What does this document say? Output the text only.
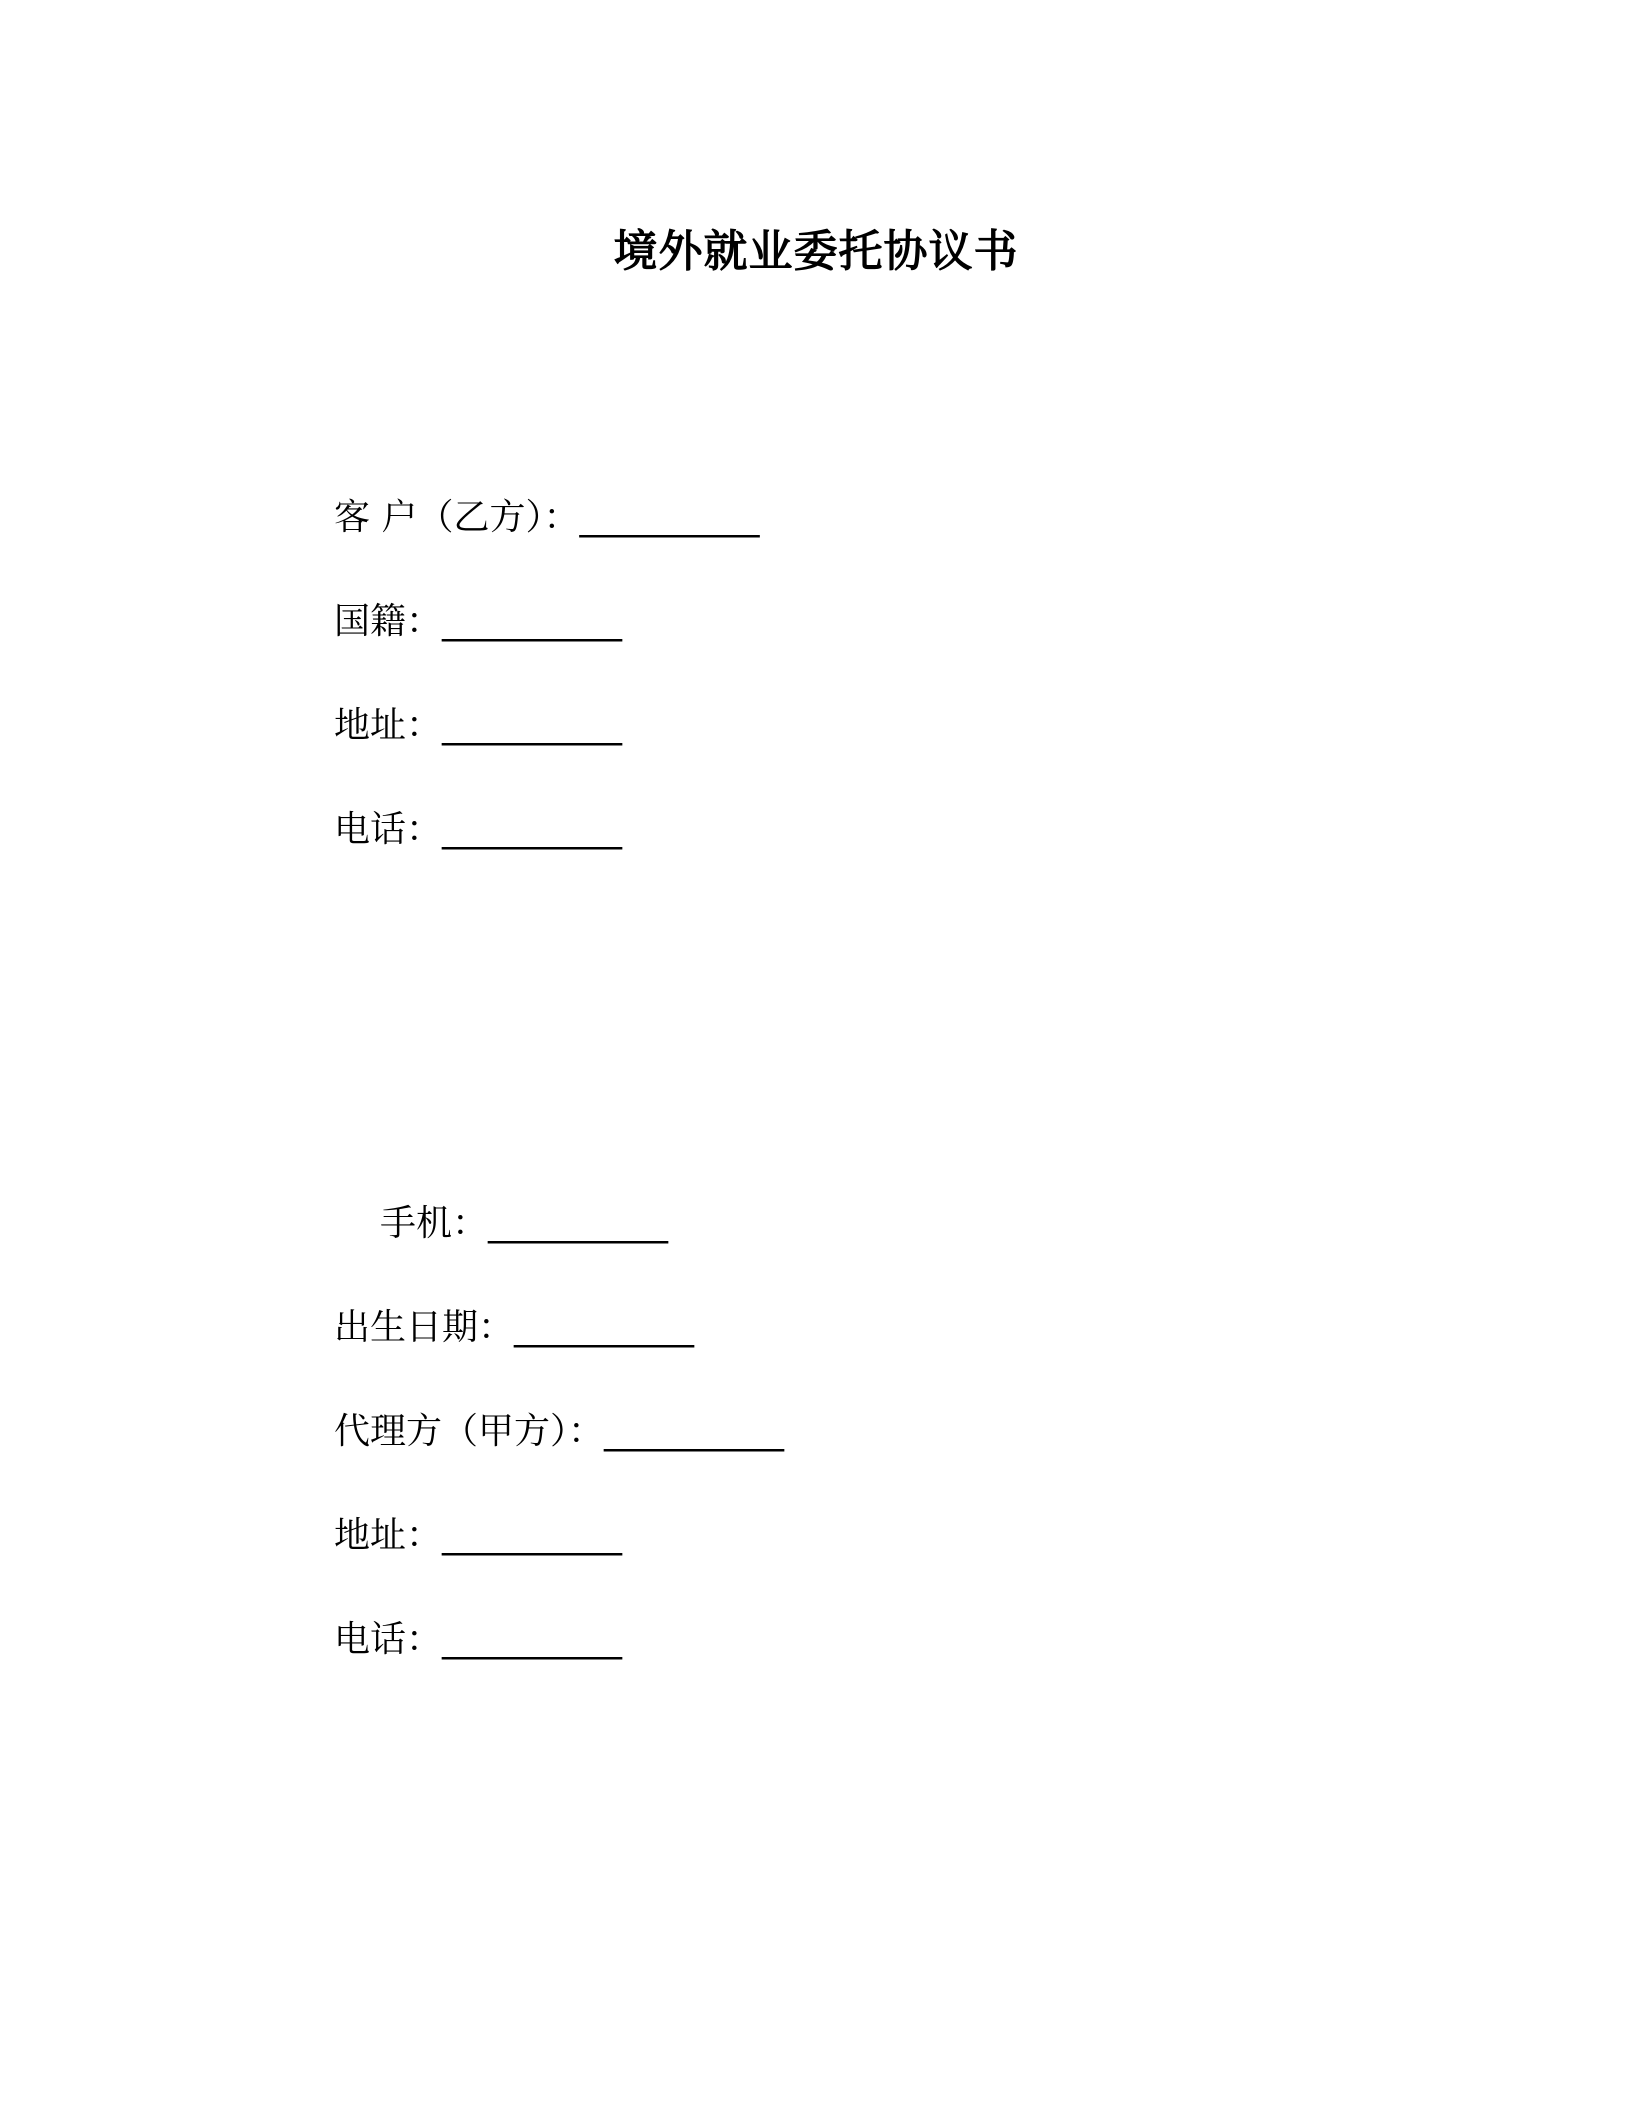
境外就业委托协议书
客 户（乙方）：__________
国籍：__________
地址：__________
电话：__________
手机：__________
出生日期：__________
代理方（甲方）：__________
地址：__________
电话：__________
